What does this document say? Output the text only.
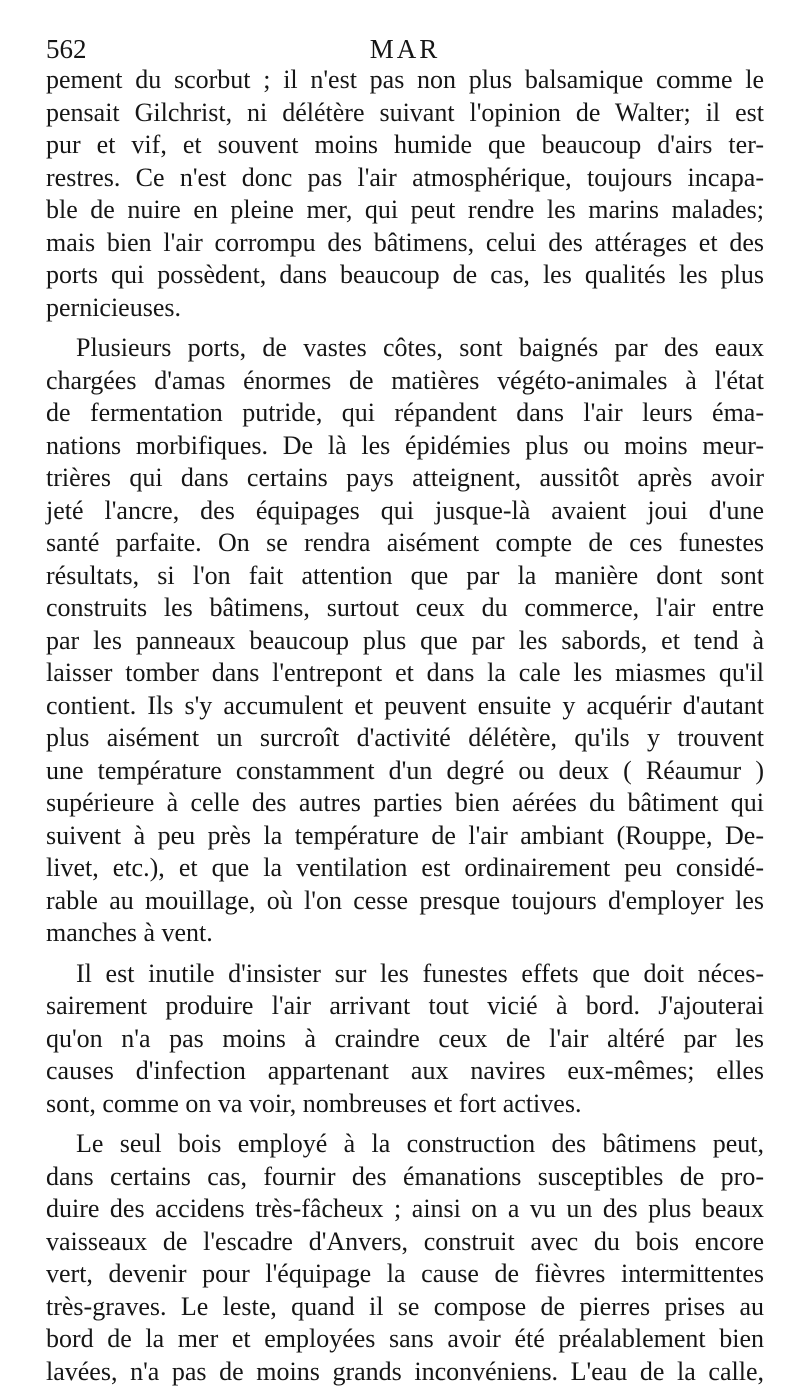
562	MAR
pement du scorbut ; il n'est pas non plus balsamique comme le
pensait Gilchrist, ni délétère suivant l'opinion de Walter; il est
pur et vif, et souvent moins humide que beaucoup d'airs ter-
restres. Ce n'est donc pas l'air atmosphérique, toujours incapa-
ble de nuire en pleine mer, qui peut rendre les marins malades;
mais bien l'air corrompu des bâtimens, celui des attérages et des
ports qui possèdent, dans beaucoup de cas, les qualités les plus
pernicieuses.
Plusieurs ports, de vastes côtes, sont baignés par des eaux
chargées d'amas énormes de matières végéto-animales à l'état
de fermentation putride, qui répandent dans l'air leurs éma-
nations morbifiques. De là les épidémies plus ou moins meur-
trières qui dans certains pays atteignent, aussitôt après avoir
jeté l'ancre, des équipages qui jusque-là avaient joui d'une
santé parfaite. On se rendra aisément compte de ces funestes
résultats, si l'on fait attention que par la manière dont sont
construits les bâtimens, surtout ceux du commerce, l'air entre
par les panneaux beaucoup plus que par les sabords, et tend à
laisser tomber dans l'entrepont et dans la cale les miasmes qu'il
contient. Ils s'y accumulent et peuvent ensuite y acquérir d'autant
plus aisément un surcroît d'activité délétère, qu'ils y trouvent
une température constamment d'un degré ou deux ( Réaumur )
supérieure à celle des autres parties bien aérées du bâtiment qui
suivent à peu près la température de l'air ambiant (Rouppe, De-
livet, etc.), et que la ventilation est ordinairement peu considé-
rable au mouillage, où l'on cesse presque toujours d'employer les
manches à vent.
Il est inutile d'insister sur les funestes effets que doit néces-
sairement produire l'air arrivant tout vicié à bord. J'ajouterai
qu'on n'a pas moins à craindre ceux de l'air altéré par les
causes d'infection appartenant aux navires eux-mêmes; elles
sont, comme on va voir, nombreuses et fort actives.
Le seul bois employé à la construction des bâtimens peut,
dans certains cas, fournir des émanations susceptibles de pro-
duire des accidens très-fâcheux ; ainsi on a vu un des plus beaux
vaisseaux de l'escadre d'Anvers, construit avec du bois encore
vert, devenir pour l'équipage la cause de fièvres intermittentes
très-graves. Le leste, quand il se compose de pierres prises au
bord de la mer et employées sans avoir été préalablement bien
lavées, n'a pas de moins grands inconvéniens. L'eau de la calle,
